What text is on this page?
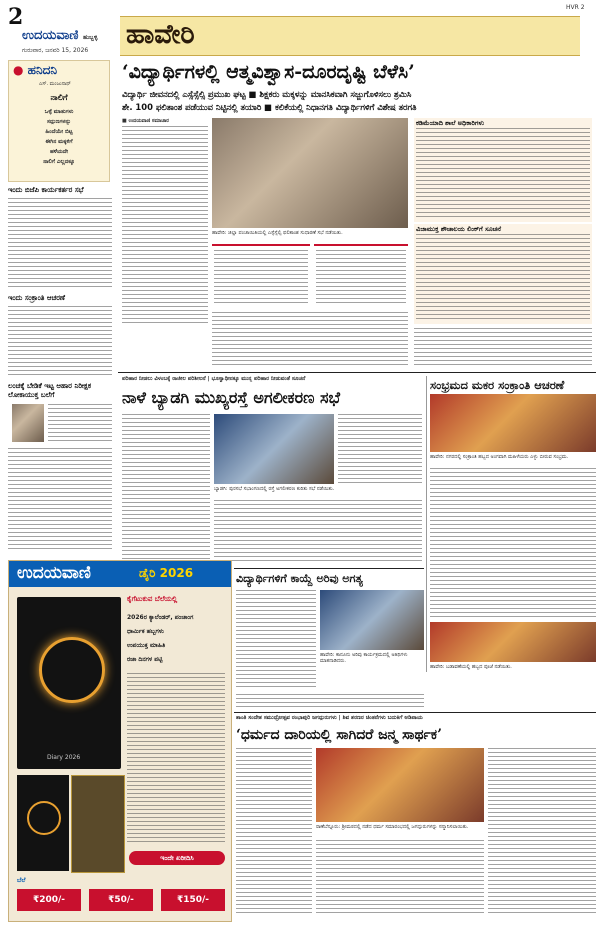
2
ಉದಯವಾಣಿ ಹುಬ್ಬಳ್ಳಿ
ಗುರುವಾರ, ಜನವರಿ 15, 2026
ಹಾವೇರಿ
HVR 2
● ಹನಿದನಿ
ಎಸ್. ಮಂಜುನಾಥ್
ನಾಲಿಗೆ
ಒಳ್ಳೆ ಮಾತುಗಳು
ಸದ್ಗುಣಗಳನ್ನು
ಹಿಂದೆಯೇ ಬಿಟ್ಟ
ಈಗಿನ ಮಕ್ಕಳಿಗೆ
ಹಳೆಯದೇ
ನಾಲಿಗೆ ಎಲ್ಲದಕ್ಕೂ
ಇಂದು ಬಿಜೆಪಿ ಕಾರ್ಯಕರ್ತರ ಸಭೆ
ಇಂದು ಸಂಕ್ರಾಂತಿ ಆಚರಣೆ
ಲಂಚಕ್ಕೆ ಬೇಡಿಕೆ ಇಟ್ಟ ಆಹಾರ ನಿರೀಕ್ಷಕ ಲೋಕಾಯುಕ್ತ ಬಲೆಗೆ
‘ವಿದ್ಯಾರ್ಥಿಗಳಲ್ಲಿ ಆತ್ಮವಿಶ್ವಾಸ-ದೂರದೃಷ್ಟಿ ಬೆಳೆಸಿ’
ವಿದ್ಯಾರ್ಥಿ ಜೀವನದಲ್ಲಿ ಎಸ್ಸೆಸ್ಸೆಲ್ಸಿ ಪ್ರಮುಖ ಘಟ್ಟ ■ ಶಿಕ್ಷಕರು ಮಕ್ಕಳನ್ನು ಮಾನಸಿಕವಾಗಿ ಸಜ್ಜುಗೊಳಿಸಲು ಶ್ರಮಿಸಿ
ಶೇ. 100 ಫಲಿತಾಂಶ ಪಡೆಯುವ ನಿಟ್ಟಿನಲ್ಲಿ ತಯಾರಿ ■ ಕಲಿಕೆಯಲ್ಲಿ ನಿಧಾನಗತಿ ವಿದ್ಯಾರ್ಥಿಗಳಿಗೆ ವಿಶೇಷ ತರಗತಿ
■ ಉದಯವಾಣಿ ಸಮಾಚಾರ
ಹಾವೇರಿ: ಜಿಲ್ಲಾ ಪಂಚಾಯಿತಿಯಲ್ಲಿ ಎಸ್ಸೆಸ್ಸೆಲ್ಸಿ ಫಲಿತಾಂಶ ಸುಧಾರಣೆ ಸಭೆ ನಡೆಯಿತು.
ಕಡಿಮೆಯಾದಿ ಶಾಲೆ ಅಧಿಕಾರಿಗಳು
ವಿಜಾಮುಕ್ತ ಶೌಚಾಲಯ ಲಿಂಕ್‌ಗೆ ಸೂಚನೆ
ಪರಿಹಾರ ನೀಡಲು ವಿಳಂಬಕ್ಕೆ ರಾಜೀಲ ಪರಿಶೀಲನೆ | ಭೂಸ್ವಾಧೀನಕ್ಕೂ ಮುನ್ನ ಪರಿಹಾರ ನೀಡುವಂತೆ ಸೂಚನೆ
ನಾಳೆ ಬ್ಯಾಡಗಿ ಮುಖ್ಯರಸ್ತೆ ಅಗಲೀಕರಣ ಸಭೆ
ಬ್ಯಾಡಗಿ: ಪುರಸಭೆ ಸಭಾಂಗಣದಲ್ಲಿ ರಸ್ತೆ ಅಗಲೀಕರಣ ಕುರಿತು ಸಭೆ ನಡೆಯಿತು.
ಸಂಭ್ರಮದ ಮಕರ ಸಂಕ್ರಾಂತಿ ಆಚರಣೆ
ಹಾವೇರಿ: ನಗರದಲ್ಲಿ ಸಂಕ್ರಾಂತಿ ಹಬ್ಬದ ಅಂಗವಾಗಿ ಮಹಿಳೆಯರು ಎಳ್ಳು ಬೀರುವ ಸಂಭ್ರಮ.
ಹಾವೇರಿ: ಬಡಾವಣೆಯಲ್ಲಿ ಹಬ್ಬದ ಪೂಜೆ ನಡೆಯಿತು.
ವಿದ್ಯಾರ್ಥಿಗಳಿಗೆ ಕಾಯ್ದೆ ಅರಿವು ಅಗತ್ಯ
ಹಾವೇರಿ: ಕಾನೂನು ಅರಿವು ಕಾರ್ಯಕ್ರಮದಲ್ಲಿ ಅತಿಥಿಗಳು ಮಾತನಾಡಿದರು.
ಶಾಂತಿ ಸಂದೇಶ ಸಮುದ್ರೋತ್ಸವ ರಂಭಾಪುರಿ ಜಗದ್ಗುರುಗಳು | ಶಿವ ಶರಣರ ಚಿಂತನೆಗಳು ಬದುಕಿಗೆ ಅಡಿಪಾಯ
‘ಧರ್ಮದ ದಾರಿಯಲ್ಲಿ ಸಾಗಿದರೆ ಜನ್ಮ ಸಾರ್ಥಕ’
ರಾಣೆಬೆನ್ನೂರು: ಶ್ರೀಮಠದಲ್ಲಿ ನಡೆದ ಧರ್ಮ ಸಮಾರಂಭದಲ್ಲಿ ಜಗದ್ಗುರುಗಳನ್ನು ಸನ್ಮಾನಿಸಲಾಯಿತು.
ಉದಯವಾಣಿ	ಡೈರಿ 2026
Diary 2026
ಕೈಗೆಟುಕುವ ಬೆಲೆಯಲ್ಲಿ
2026ರ ಕ್ಯಾಲೆಂಡರ್, ಪಂಚಾಂಗ
ಧಾರ್ಮಿಕ ಹಬ್ಬಗಳು
ಉಪಯುಕ್ತ ಮಾಹಿತಿ
ರಜಾ ದಿನಗಳ ಪಟ್ಟಿ
ಇಂದೇ ಖರೀದಿಸಿ
ಬೆಲೆ
₹200/-	₹50/-	₹150/-
